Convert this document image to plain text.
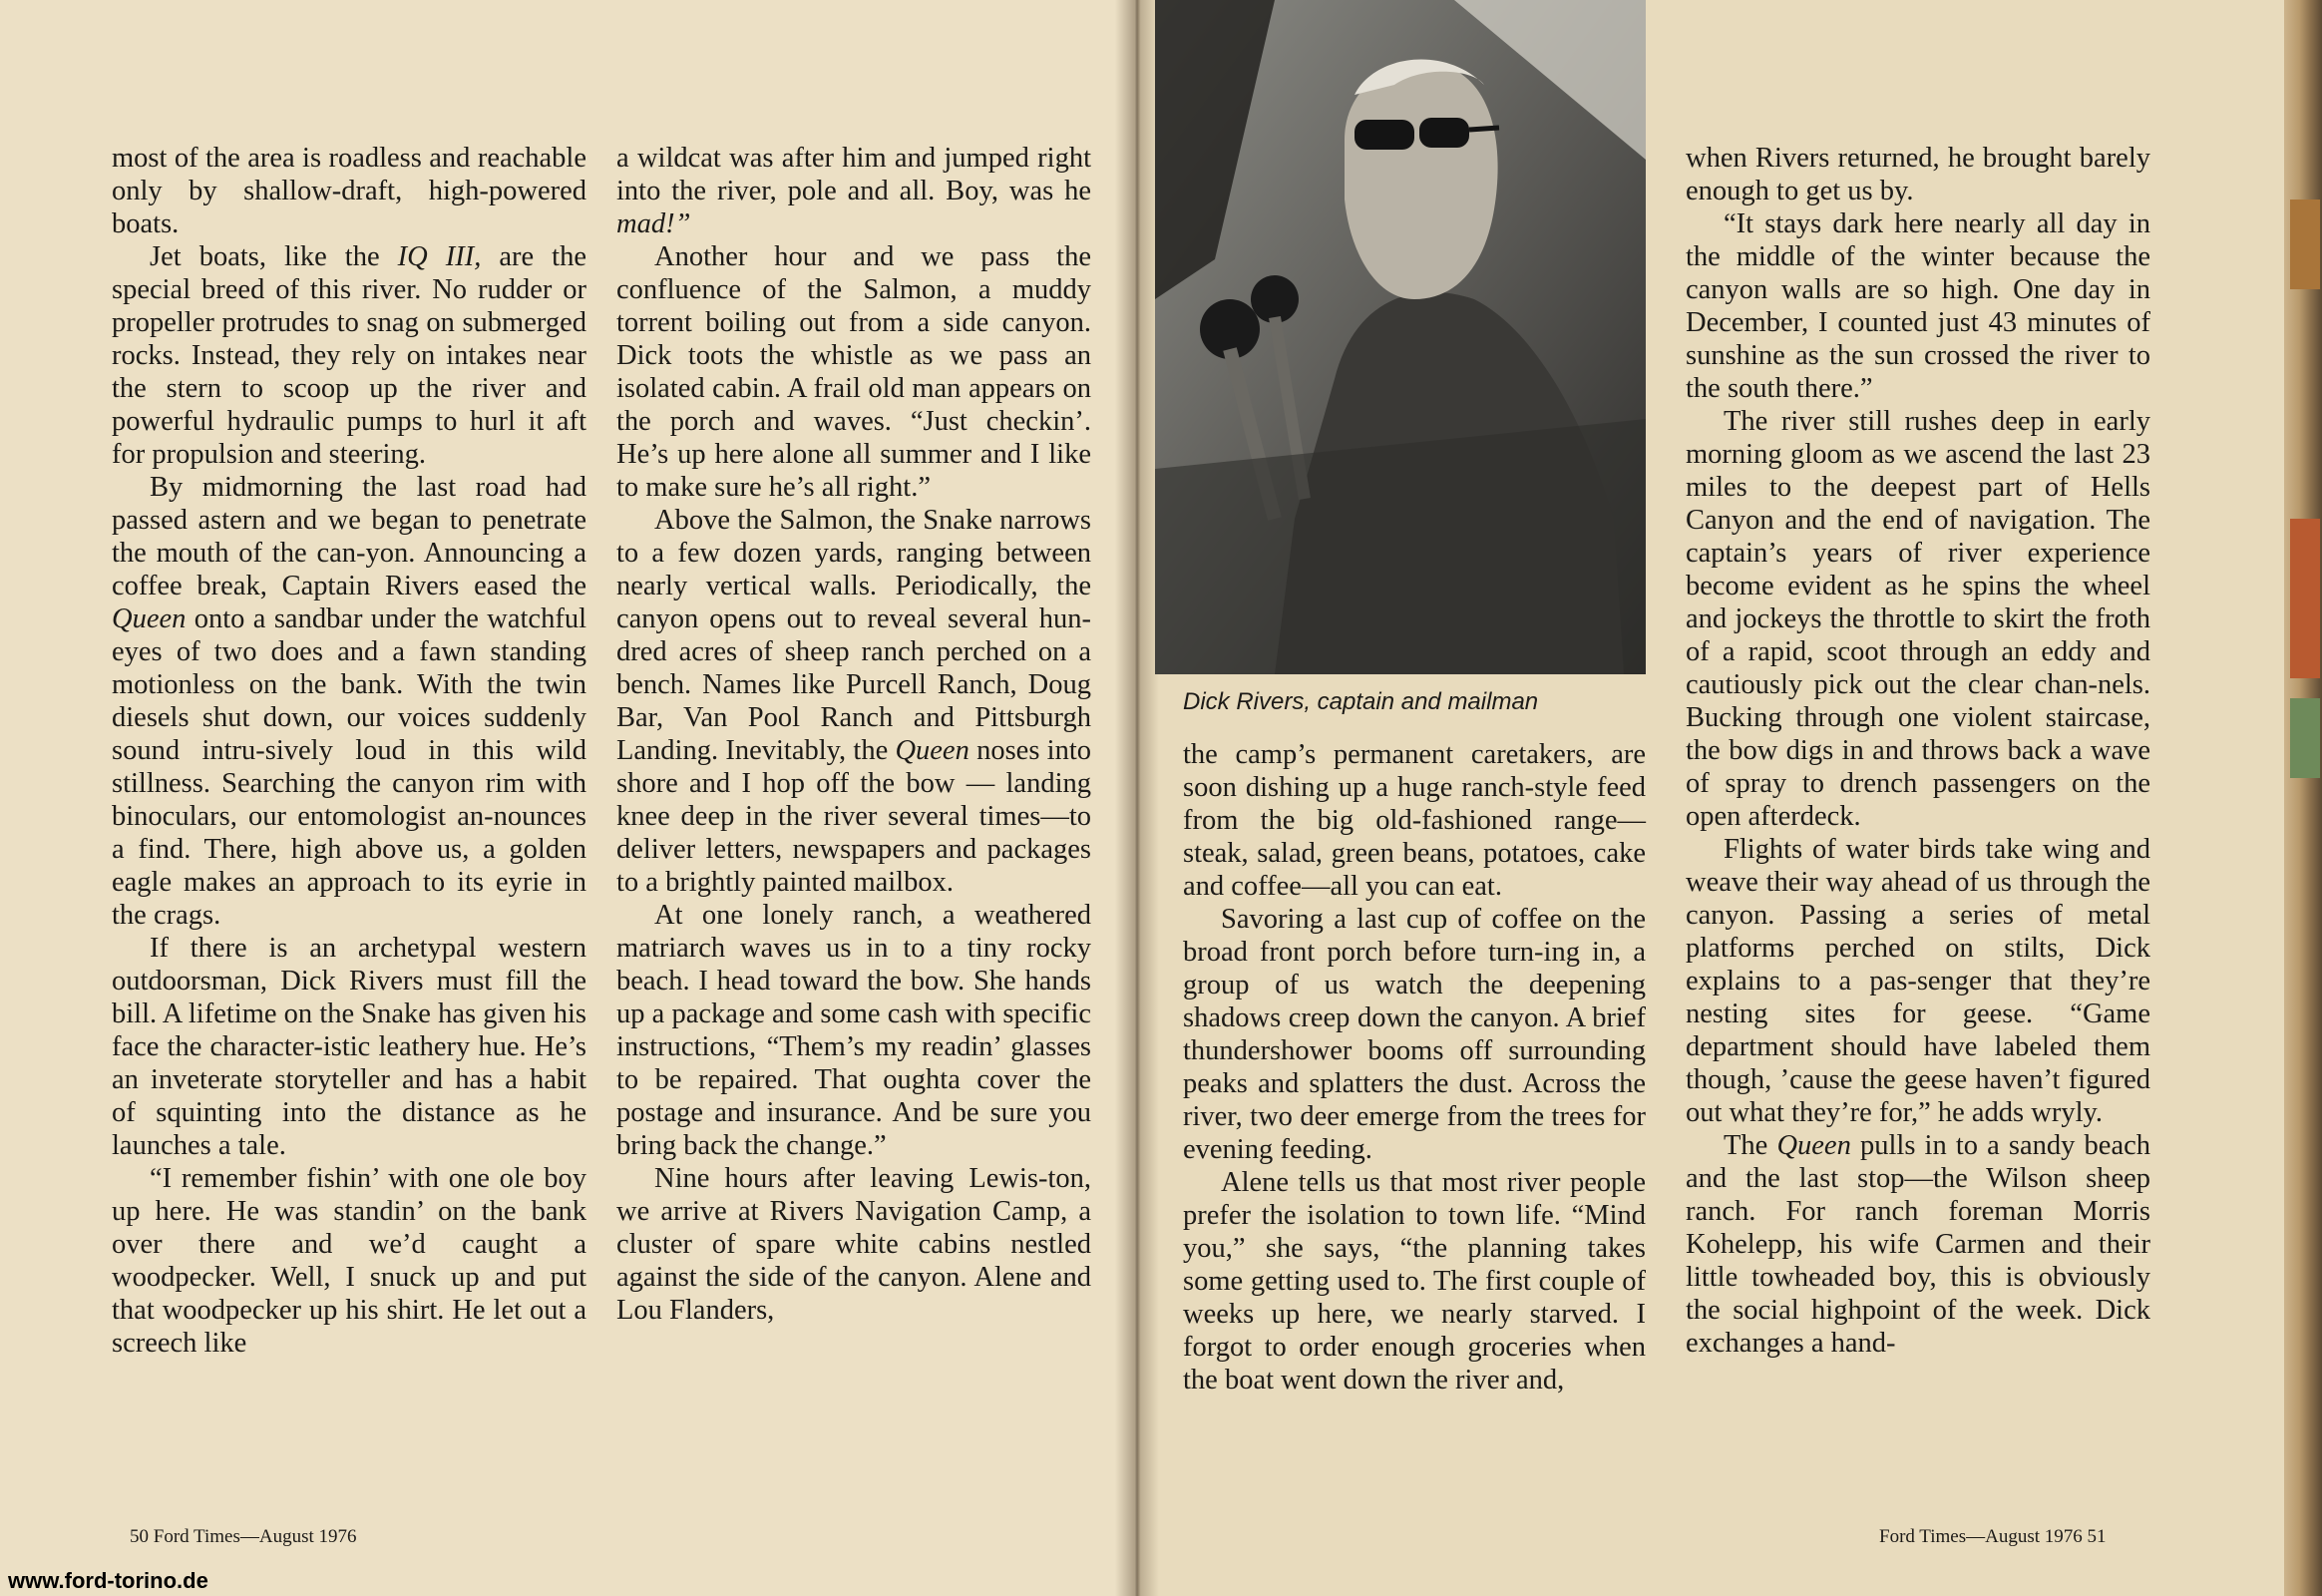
most of the area is roadless and reachable only by shallow-draft, high-powered boats.

Jet boats, like the IQ III, are the special breed of this river. No rudder or propeller protrudes to snag on submerged rocks. Instead, they rely on intakes near the stern to scoop up the river and powerful hydraulic pumps to hurl it aft for propulsion and steering.

By midmorning the last road had passed astern and we began to penetrate the mouth of the can-yon. Announcing a coffee break, Captain Rivers eased the Queen onto a sandbar under the watchful eyes of two does and a fawn standing motionless on the bank. With the twin diesels shut down, our voices suddenly sound intru-sively loud in this wild stillness. Searching the canyon rim with binoculars, our entomologist an-nounces a find. There, high above us, a golden eagle makes an approach to its eyrie in the crags.

If there is an archetypal western outdoorsman, Dick Rivers must fill the bill. A lifetime on the Snake has given his face the character-istic leathery hue. He’s an inveterate storyteller and has a habit of squinting into the distance as he launches a tale.

“I remember fishin’ with one ole boy up here. He was standin’ on the bank over there and we’d caught a woodpecker. Well, I snuck up and put that woodpecker up his shirt. He let out a screech like

a wildcat was after him and jumped right into the river, pole and all. Boy, was he mad!”

Another hour and we pass the confluence of the Salmon, a muddy torrent boiling out from a side canyon. Dick toots the whistle as we pass an isolated cabin. A frail old man appears on the porch and waves. “Just checkin’. He’s up here alone all summer and I like to make sure he’s all right.”

Above the Salmon, the Snake narrows to a few dozen yards, ranging between nearly vertical walls. Periodically, the canyon opens out to reveal several hun-dred acres of sheep ranch perched on a bench. Names like Purcell Ranch, Doug Bar, Van Pool Ranch and Pittsburgh Landing. Inevitably, the Queen noses into shore and I hop off the bow — landing knee deep in the river several times—to deliver letters, newspapers and packages to a brightly painted mailbox.

At one lonely ranch, a weathered matriarch waves us in to a tiny rocky beach. I head toward the bow. She hands up a package and some cash with specific instructions, “Them’s my readin’ glasses to be repaired. That oughta cover the postage and insurance. And be sure you bring back the change.”

Nine hours after leaving Lewis-ton, we arrive at Rivers Navigation Camp, a cluster of spare white cabins nestled against the side of the canyon. Alene and Lou Flanders,

Dick Rivers, captain and mailman

the camp’s permanent caretakers, are soon dishing up a huge ranch-style feed from the big old-fashioned range—steak, salad, green beans, potatoes, cake and coffee—all you can eat.

Savoring a last cup of coffee on the broad front porch before turn-ing in, a group of us watch the deepening shadows creep down the canyon. A brief thundershower booms off surrounding peaks and splatters the dust. Across the river, two deer emerge from the trees for evening feeding.

Alene tells us that most river people prefer the isolation to town life. “Mind you,” she says, “the planning takes some getting used to. The first couple of weeks up here, we nearly starved. I forgot to order enough groceries when the boat went down the river and,

when Rivers returned, he brought barely enough to get us by.

“It stays dark here nearly all day in the middle of the winter because the canyon walls are so high. One day in December, I counted just 43 minutes of sunshine as the sun crossed the river to the south there.”

The river still rushes deep in early morning gloom as we ascend the last 23 miles to the deepest part of Hells Canyon and the end of navigation. The captain’s years of river experience become evident as he spins the wheel and jockeys the throttle to skirt the froth of a rapid, scoot through an eddy and cautiously pick out the clear chan-nels. Bucking through one violent staircase, the bow digs in and throws back a wave of spray to drench passengers on the open afterdeck.

Flights of water birds take wing and weave their way ahead of us through the canyon. Passing a series of metal platforms perched on stilts, Dick explains to a pas-senger that they’re nesting sites for geese. “Game department should have labeled them though, ’cause the geese haven’t figured out what they’re for,” he adds wryly.

The Queen pulls in to a sandy beach and the last stop—the Wilson sheep ranch. For ranch foreman Morris Kohelepp, his wife Carmen and their little towheaded boy, this is obviously the social highpoint of the week. Dick exchanges a hand-

50 Ford Times—August 1976	Ford Times—August 1976 51
www.ford-torino.de
